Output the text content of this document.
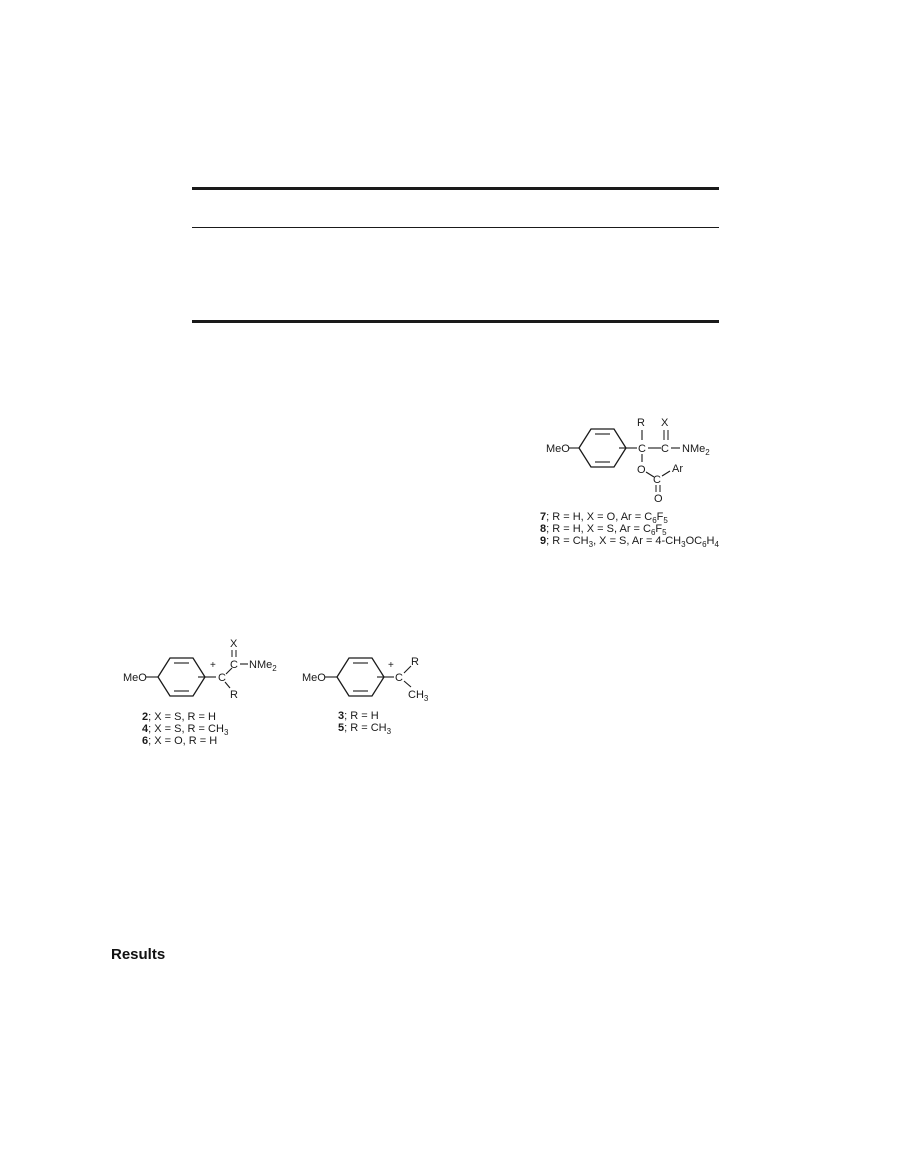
MeO
R
C
X
C NMe$_2$
O
C
Ar
O
7; R = H, X = O, $Ar = C_6F_5$
8; R = H, X = S, $Ar = C_6F_5$
9; $R = CH_3$, X = S, $Ar = 4-CH_3OC_6H_4$
MeO
+
C
X
C NMe$_2$
R
2; X = S, R = H
4; X = S, $R = CH_3$
6; X = O, R = H
MeO
+
C
R
$CH_3$
3; R = H
5; $R = CH_3$
Results
